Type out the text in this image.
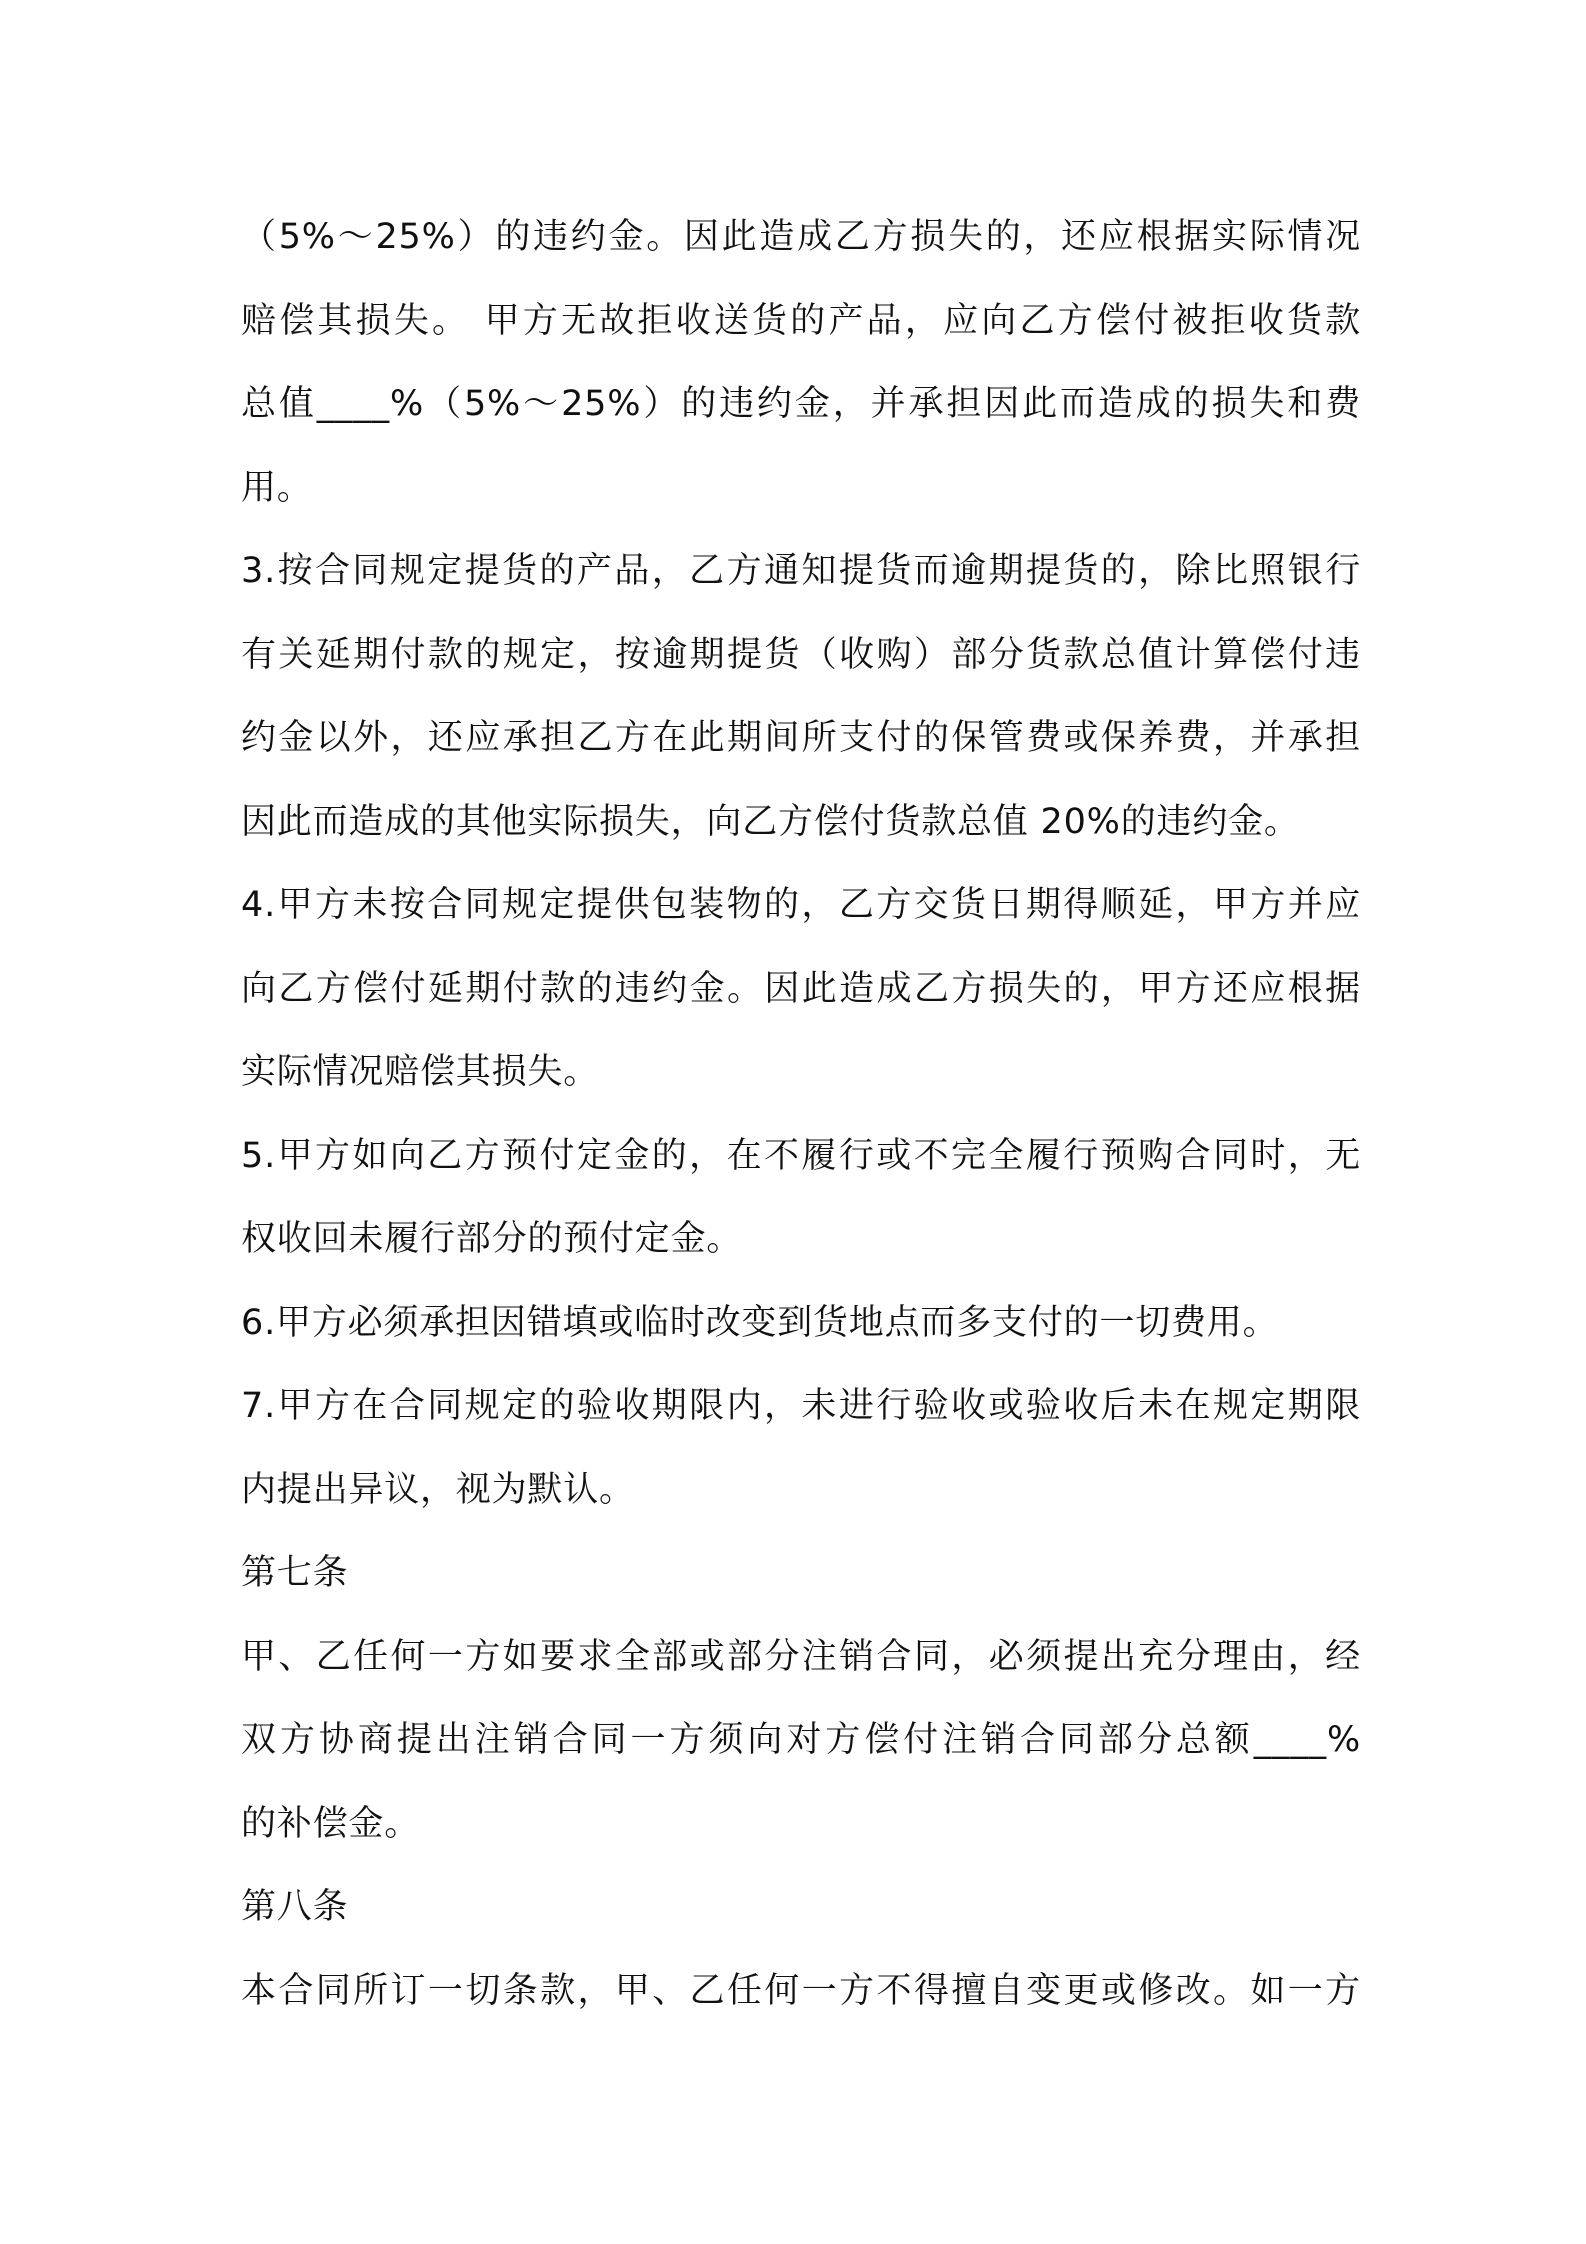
（5%～25%）的违约金。因此造成乙方损失的，还应根据实际情况
赔偿其损失。 甲方无故拒收送货的产品，应向乙方偿付被拒收货款
总值____%（5%～25%）的违约金，并承担因此而造成的损失和费
用。
3.按合同规定提货的产品，乙方通知提货而逾期提货的，除比照银行
有关延期付款的规定，按逾期提货（收购）部分货款总值计算偿付违
约金以外，还应承担乙方在此期间所支付的保管费或保养费，并承担
因此而造成的其他实际损失，向乙方偿付货款总值 20%的违约金。
4.甲方未按合同规定提供包装物的，乙方交货日期得顺延，甲方并应
向乙方偿付延期付款的违约金。因此造成乙方损失的，甲方还应根据
实际情况赔偿其损失。
5.甲方如向乙方预付定金的，在不履行或不完全履行预购合同时，无
权收回未履行部分的预付定金。
6.甲方必须承担因错填或临时改变到货地点而多支付的一切费用。
7.甲方在合同规定的验收期限内，未进行验收或验收后未在规定期限
内提出异议，视为默认。
第七条
甲、乙任何一方如要求全部或部分注销合同，必须提出充分理由，经
双方协商提出注销合同一方须向对方偿付注销合同部分总额____%
的补偿金。
第八条
本合同所订一切条款，甲、乙任何一方不得擅自变更或修改。如一方
